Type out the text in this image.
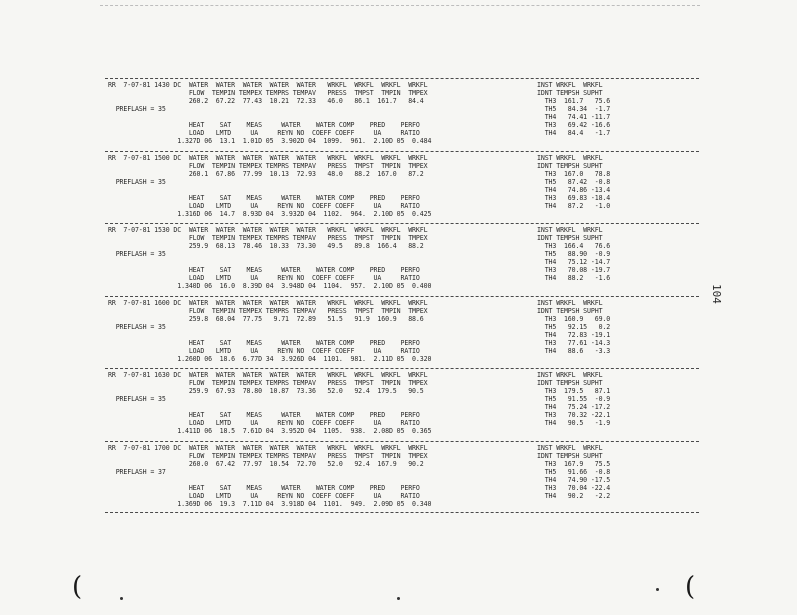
RR  7-07-81 1430 DC  WATER  WATER  WATER  WATER  WATER   WRKFL  WRKFL  WRKFL  WRKFL
FLOW  TEMPIN TEMPEX TEMPRS TEMPAV   PRESS  TMPST  TMPIN  TMPEX
260.2  67.22  77.43  10.21  72.33   46.0   86.1  161.7   84.4
PREFLASH = 35
HEAT    SAT    MEAS     WATER    WATER COMP    PRED    PERFO
LOAD   LMTD     UA     REYN NO  COEFF COEFF     UA     RATIO
1.327D 06  13.1  1.01D 05  3.902D 04  1099.  961.  2.10D 05  0.484
INST WRKFL  WRKFL
IDNT TEMPSH SUPHT
TH3  161.7   75.6
TH5   84.34  -1.7
TH4   74.41 -11.7
TH3   69.42 -16.6
TH4   84.4   -1.7
RR  7-07-81 1500 DC  WATER  WATER  WATER  WATER  WATER   WRKFL  WRKFL  WRKFL  WRKFL
FLOW  TEMPIN TEMPEX TEMPRS TEMPAV   PRESS  TMPST  TMPIN  TMPEX
260.1  67.86  77.99  10.13  72.93   48.0   88.2  167.0   87.2
PREFLASH = 35
HEAT    SAT    MEAS     WATER    WATER COMP    PRED    PERFO
LOAD   LMTD     UA     REYN NO  COEFF COEFF     UA     RATIO
1.316D 06  14.7  8.93D 04  3.932D 04  1102.  964.  2.10D 05  0.425
INST WRKFL  WRKFL
IDNT TEMPSH SUPHT
TH3  167.0   78.8
TH5   87.42  -0.8
TH4   74.86 -13.4
TH3   69.83 -18.4
TH4   87.2   -1.0
RR  7-07-81 1530 DC  WATER  WATER  WATER  WATER  WATER   WRKFL  WRKFL  WRKFL  WRKFL
FLOW  TEMPIN TEMPEX TEMPRS TEMPAV   PRESS  TMPST  TMPIN  TMPEX
259.9  68.13  78.46  10.33  73.30   49.5   89.8  166.4   88.2
PREFLASH = 35
HEAT    SAT    MEAS     WATER    WATER COMP    PRED    PERFO
LOAD   LMTD     UA     REYN NO  COEFF COEFF     UA     RATIO
1.340D 06  16.0  8.39D 04  3.948D 04  1104.  957.  2.10D 05  0.400
INST WRKFL  WRKFL
IDNT TEMPSH SUPHT
TH3  166.4   76.6
TH5   88.90  -0.9
TH4   75.12 -14.7
TH3   70.08 -19.7
TH4   88.2   -1.6
RR  7-07-81 1600 DC  WATER  WATER  WATER  WATER  WATER   WRKFL  WRKFL  WRKFL  WRKFL
FLOW  TEMPIN TEMPEX TEMPRS TEMPAV   PRESS  TMPST  TMPIN  TMPEX
259.8  68.04  77.75   9.71  72.89   51.5   91.9  160.9   88.6
PREFLASH = 35
HEAT    SAT    MEAS     WATER    WATER COMP    PRED    PERFO
LOAD   LMTD     UA     REYN NO  COEFF COEFF     UA     RATIO
1.260D 06  18.6  6.77D 34  3.926D 04  1101.  981.  2.11D 05  0.320
INST WRKFL  WRKFL
IDNT TEMPSH SUPHT
TH3  160.9   69.0
TH5   92.15   0.2
TH4   72.83 -19.1
TH3   77.61 -14.3
TH4   88.6   -3.3
RR  7-07-81 1630 DC  WATER  WATER  WATER  WATER  WATER   WRKFL  WRKFL  WRKFL  WRKFL
FLOW  TEMPIN TEMPEX TEMPRS TEMPAV   PRESS  TMPST  TMPIN  TMPEX
259.9  67.93  78.80  10.87  73.36   52.0   92.4  179.5   90.5
PREFLASH = 35
HEAT    SAT    MEAS     WATER    WATER COMP    PRED    PERFO
LOAD   LMTD     UA     REYN NO  COEFF COEFF     UA     RATIO
1.411D 06  18.5  7.61D 04  3.952D 04  1105.  938.  2.08D 05  0.365
INST WRKFL  WRKFL
IDNT TEMPSH SUPHT
TH3  179.5   87.1
TH5   91.55  -0.9
TH4   75.24 -17.2
TH3   70.32 -22.1
TH4   90.5   -1.9
RR  7-07-81 1700 DC  WATER  WATER  WATER  WATER  WATER   WRKFL  WRKFL  WRKFL  WRKFL
FLOW  TEMPIN TEMPEX TEMPRS TEMPAV   PRESS  TMPST  TMPIN  TMPEX
260.0  67.42  77.97  10.54  72.70   52.0   92.4  167.9   90.2
PREFLASH = 37
HEAT    SAT    MEAS     WATER    WATER COMP    PRED    PERFO
LOAD   LMTD     UA     REYN NO  COEFF COEFF     UA     RATIO
1.369D 06  19.3  7.11D 04  3.918D 04  1101.  949.  2.09D 05  0.340
INST WRKFL  WRKFL
IDNT TEMPSH SUPHT
TH3  167.9   75.5
TH5   91.66  -0.8
TH4   74.90 -17.5
TH3   70.04 -22.4
TH4   90.2   -2.2
104
(	(
